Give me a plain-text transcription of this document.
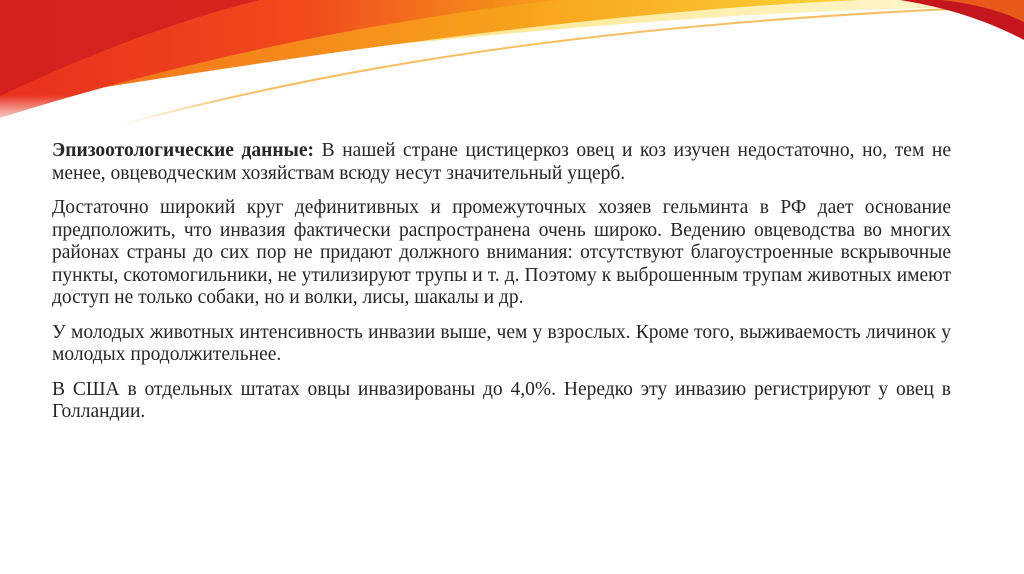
Эпизоотологические данные: В нашей стране цистицеркоз овец и коз изучен недостаточно, но, тем не менее, овцеводческим хозяйствам всюду несут значительный ущерб.

Достаточно широкий круг дефинитивных и промежуточных хозяев гельминта в РФ дает основание предположить, что инвазия фактически распространена очень широко. Ведению овцеводства во многих районах страны до сих пор не придают должного внимания: отсутствуют благоустроенные вскрывочные пункты, скотомогильники, не утилизируют трупы и т. д. Поэтому к выброшенным трупам животных имеют доступ не только собаки, но и волки, лисы, шакалы и др.

У молодых животных интенсивность инвазии выше, чем у взрослых. Кроме того, выживаемость личинок у молодых продолжительнее.

В США в отдельных штатах овцы инвазированы до 4,0%. Нередко эту инвазию регистрируют у овец в Голландии.
